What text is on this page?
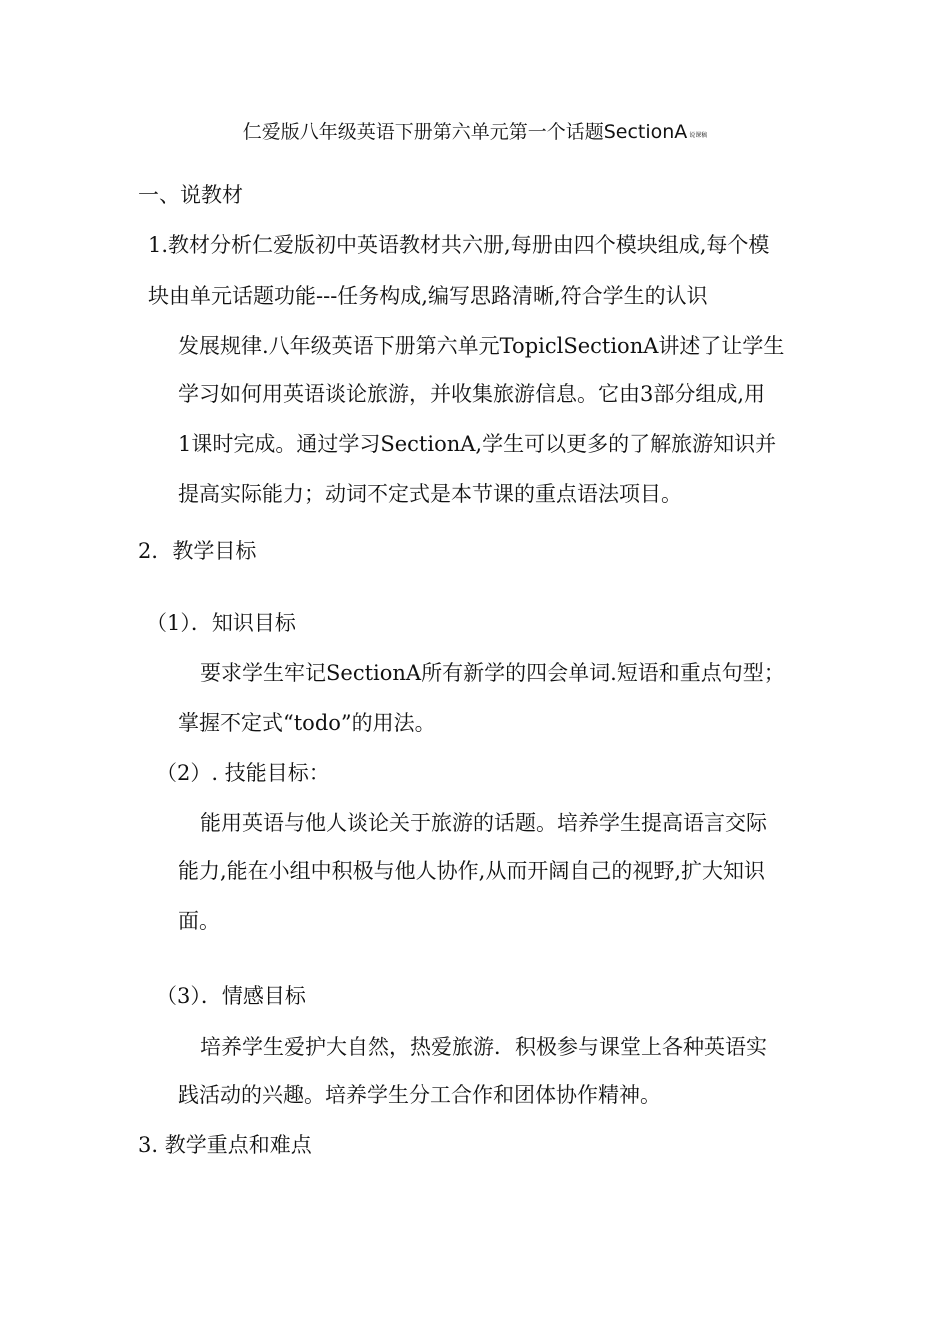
仁爱版八年级英语下册第六单元第一个话题SectionA 说课稿
一、说教材
1.教材分析仁爱版初中英语教材共六册,每册由四个模块组成,每个模
块由单元话题功能---任务构成,编写思路清晰,符合学生的认识
发展规律.八年级英语下册第六单元TopiclSectionA讲述了让学生
学习如何用英语谈论旅游，并收集旅游信息。它由3部分组成,用
1课时完成。通过学习SectionA,学生可以更多的了解旅游知识并
提高实际能力；动词不定式是本节课的重点语法项目。
2．教学目标
（1）．知识目标
要求学生牢记SectionA所有新学的四会单词.短语和重点句型；
掌握不定式“todo”的用法。
（2）. 技能目标：
能用英语与他人谈论关于旅游的话题。培养学生提高语言交际
能力,能在小组中积极与他人协作,从而开阔自己的视野,扩大知识
面。
（3）．情感目标
培养学生爱护大自然，热爱旅游．积极参与课堂上各种英语实
践活动的兴趣。培养学生分工合作和团体协作精神。
3. 教学重点和难点
